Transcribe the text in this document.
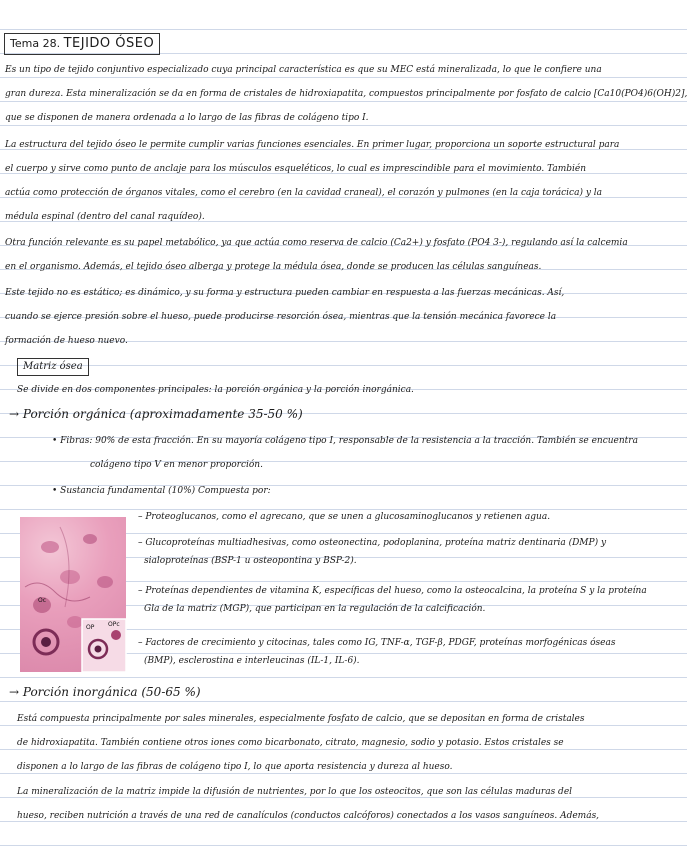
Tema 28. TEJIDO ÓSEO
Es un tipo de tejido conjuntivo especializado cuya principal característica es que su MEC está mineralizada, lo que le confiere una
gran dureza. Esta mineralización se da en forma de cristales de hidroxiapatita, compuestos principalmente por fosfato de calcio [Ca10(PO4)6(OH)2],
que se disponen de manera ordenada a lo largo de las fibras de colágeno tipo I.
La estructura del tejido óseo le permite cumplir varias funciones esenciales. En primer lugar, proporciona un soporte estructural para
el cuerpo y sirve como punto de anclaje para los músculos esqueléticos, lo cual es imprescindible para el movimiento. También
actúa como protección de órganos vitales, como el cerebro (en la cavidad craneal), el corazón y pulmones (en la caja torácica) y la
médula espinal (dentro del canal raquídeo).
Otra función relevante es su papel metabólico, ya que actúa como reserva de calcio (Ca2+) y fosfato (PO4 3-), regulando así la calcemia
en el organismo. Además, el tejido óseo alberga y protege la médula ósea, donde se producen las células sanguíneas.
Este tejido no es estático; es dinámico, y su forma y estructura pueden cambiar en respuesta a las fuerzas mecánicas. Así,
cuando se ejerce presión sobre el hueso, puede producirse resorción ósea, mientras que la tensión mecánica favorece la
formación de hueso nuevo.
Matriz ósea
Se divide en dos componentes principales: la porción orgánica y la porción inorgánica.
→ Porción orgánica (aproximadamente 35-50 %)
• Fibras: 90% de esta fracción. En su mayoría colágeno tipo I, responsable de la resistencia a la tracción. También se encuentra
colágeno tipo V en menor proporción.
• Sustancia fundamental (10%) Compuesta por:
Oc
OP OPc
– Proteoglucanos, como el agrecano, que se unen a glucosaminoglucanos y retienen agua.
– Glucoproteínas multiadhesivas, como osteonectina, podoplanina, proteína matriz dentinaria (DMP) y
sialoproteínas (BSP-1 u osteopontina y BSP-2).
– Proteínas dependientes de vitamina K, específicas del hueso, como la osteocalcina, la proteína S y la proteína
Gla de la matriz (MGP), que participan en la regulación de la calcificación.
– Factores de crecimiento y citocinas, tales como IG, TNF-α, TGF-β, PDGF, proteínas morfogénicas óseas
(BMP), esclerostina e interleucinas (IL-1, IL-6).
→ Porción inorgánica (50-65 %)
Está compuesta principalmente por sales minerales, especialmente fosfato de calcio, que se depositan en forma de cristales
de hidroxiapatita. También contiene otros iones como bicarbonato, citrato, magnesio, sodio y potasio. Estos cristales se
disponen a lo largo de las fibras de colágeno tipo I, lo que aporta resistencia y dureza al hueso.
La mineralización de la matriz impide la difusión de nutrientes, por lo que los osteocitos, que son las células maduras del
hueso, reciben nutrición a través de una red de canalículos (conductos calcóforos) conectados a los vasos sanguíneos. Además,
